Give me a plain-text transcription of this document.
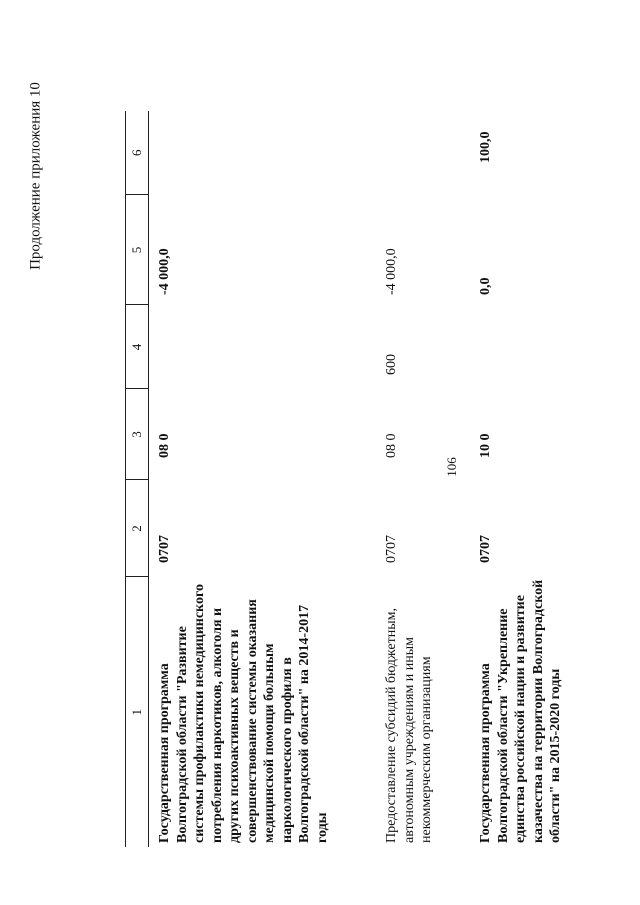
106
Продолжение приложения 10
1	2	3	4	5	6
Государственная программа Волгоградской области "Развитие системы профилактики немедицинского потребления наркотиков, алкоголя и других психоактивных веществ и совершенствование системы оказания медицинской помощи больным наркологического профиля в Волгоградской области" на 2014-2017 годы	0707	08 0		-4 000,0	
Предоставление субсидий бюджетным, автономным учреждениям и иным некоммерческим организациям	0707	08 0	600	-4 000,0	
Государственная программа Волгоградской области "Укрепление единства российской нации и развитие казачества на территории Волгоградской области" на 2015-2020 годы	0707	10 0		0,0	100,0
